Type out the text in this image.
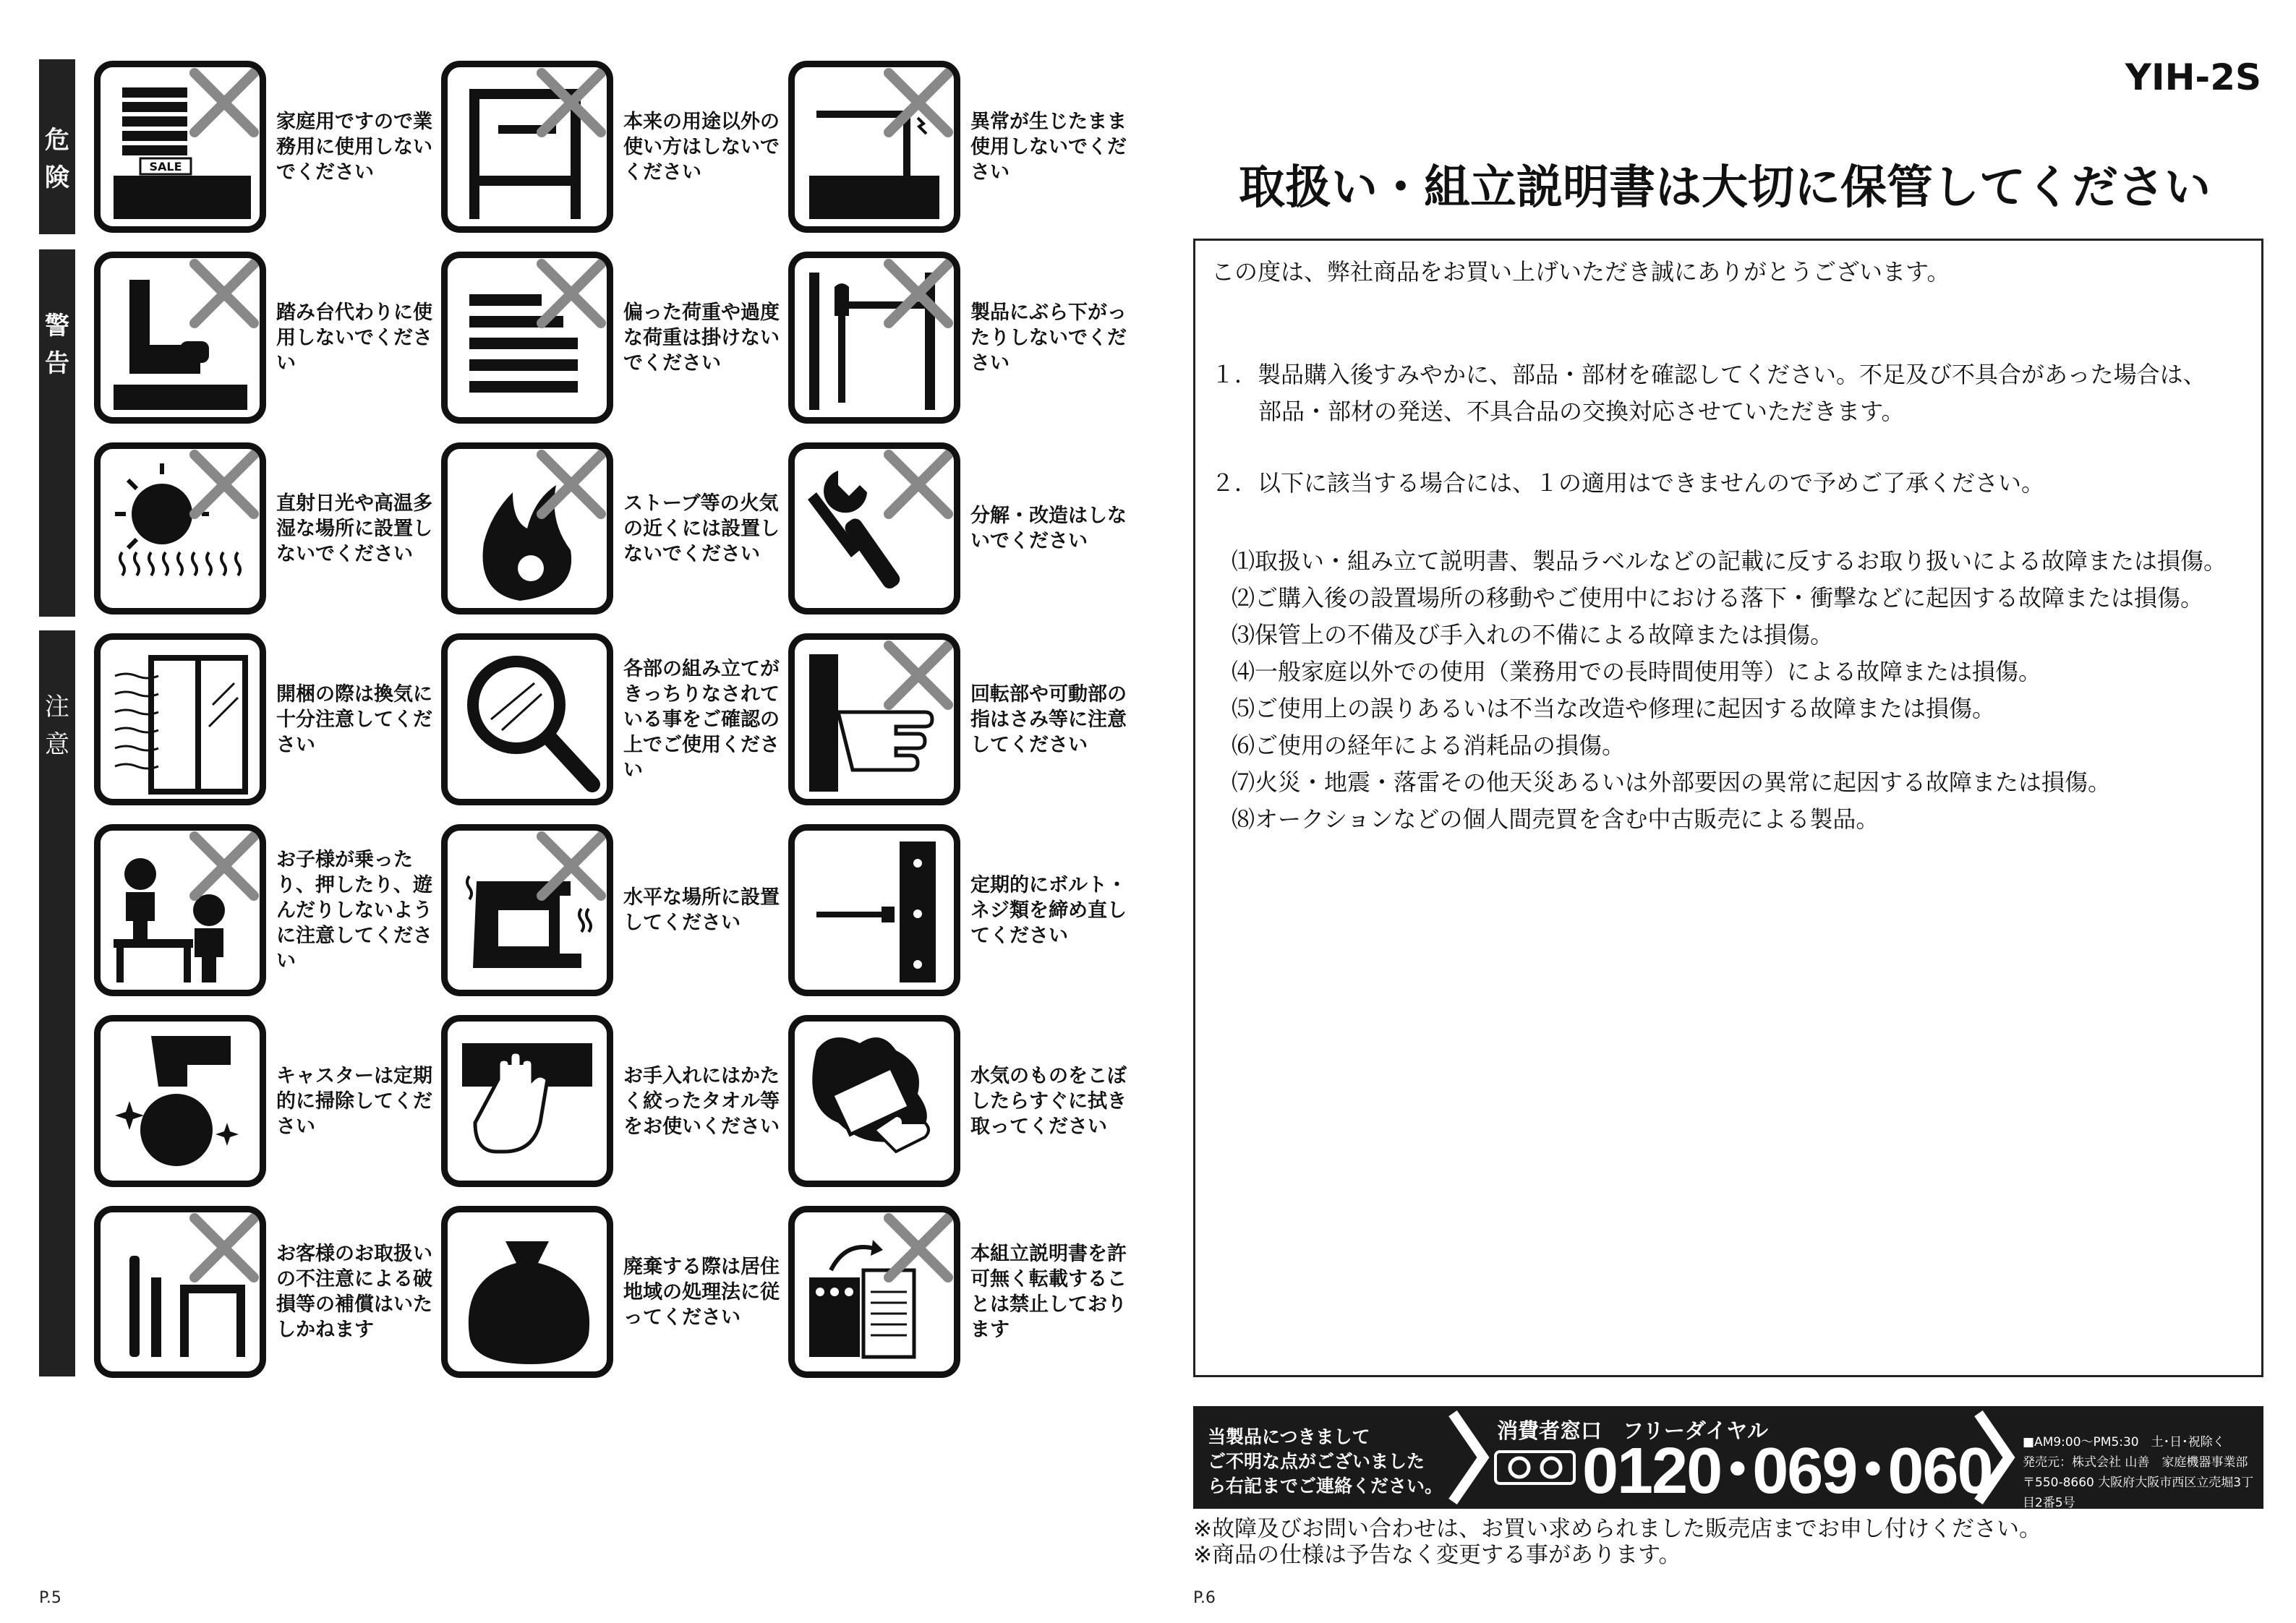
危
険
警
告
注
意
SALE
家庭用ですので業務用に使用しないでください
本来の用途以外の使い方はしないでください
異常が生じたまま使用しないでください
踏み台代わりに使用しないでください
偏った荷重や過度な荷重は掛けないでください
製品にぶら下がったりしないでください
直射日光や高温多湿な場所に設置しないでください
ストーブ等の火気の近くには設置しないでください
分解・改造はしないでください
開梱の際は換気に十分注意してください
各部の組み立てがきっちりなされている事をご確認の上でご使用ください
回転部や可動部の指はさみ等に注意してください
お子様が乗ったり、押したり、遊んだりしないように注意してください
水平な場所に設置してください
定期的にボルト・ネジ類を締め直してください
キャスターは定期的に掃除してください
お手入れにはかたく絞ったタオル等をお使いください
水気のものをこぼしたらすぐに拭き取ってください
お客様のお取扱いの不注意による破損等の補償はいたしかねます
廃棄する際は居住地域の処理法に従ってください
本組立説明書を許可無く転載することは禁止しております
P.5
YIH-2S
取扱い・組立説明書は大切に保管してください
この度は、弊社商品をお買い上げいただき誠にありがとうございます。
１．製品購入後すみやかに、部品・部材を確認してください。不足及び不具合があった場合は、
部品・部材の発送、不具合品の交換対応させていただきます。
２．以下に該当する場合には、１の適用はできませんので予めご了承ください。
⑴取扱い・組み立て説明書、製品ラベルなどの記載に反するお取り扱いによる故障または損傷。
⑵ご購入後の設置場所の移動やご使用中における落下・衝撃などに起因する故障または損傷。
⑶保管上の不備及び手入れの不備による故障または損傷。
⑷一般家庭以外での使用（業務用での長時間使用等）による故障または損傷。
⑸ご使用上の誤りあるいは不当な改造や修理に起因する故障または損傷。
⑹ご使用の経年による消耗品の損傷。
⑺火災・地震・落雷その他天災あるいは外部要因の異常に起因する故障または損傷。
⑻オークションなどの個人間売買を含む中古販売による製品。
当製品につきまして
ご不明な点がございました
ら右記までご連絡ください。
消費者窓口　フリーダイヤル
0120･069･060 ■AM9:00〜PM5:30　土･日･祝除く
発売元：株式会社 山善　家庭機器事業部
〒550-8660 大阪府大阪市西区立売堀3丁目2番5号
※故障及びお問い合わせは、お買い求められました販売店までお申し付けください。
※商品の仕様は予告なく変更する事があります。
P.6
